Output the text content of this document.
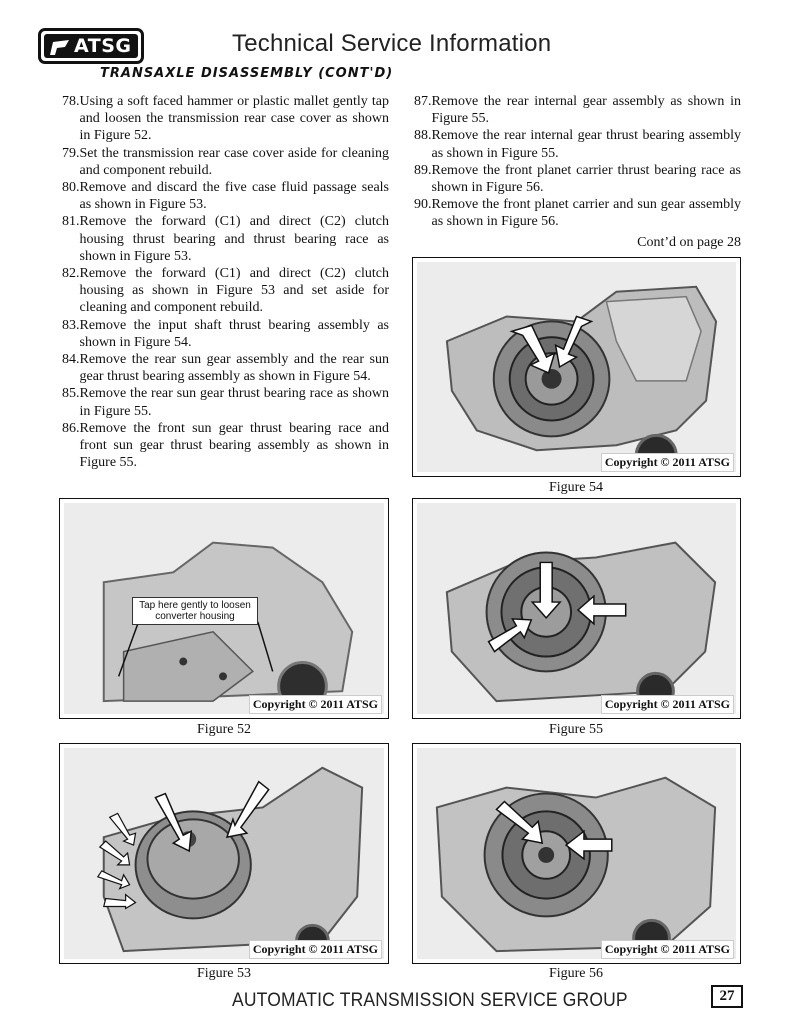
ATSG	Technical Service Information
TRANSAXLE DISASSEMBLY (CONT'D)
78. Using a soft faced hammer or plastic mallet gently tap and loosen the transmission rear case cover as shown in Figure 52.
79. Set the transmission rear case cover aside for cleaning and component rebuild.
80. Remove and discard the five case fluid passage seals as shown in Figure 53.
81. Remove the forward (C1) and direct (C2) clutch housing thrust bearing and thrust bearing race as shown in Figure 53.
82. Remove the forward (C1) and direct (C2) clutch housing as shown in Figure 53 and set aside for cleaning and component rebuild.
83. Remove the input shaft thrust bearing assembly as shown in Figure 54.
84. Remove the rear sun gear assembly and the rear sun gear thrust bearing assembly as shown in Figure 54.
85. Remove the rear sun gear thrust bearing race as shown in Figure 55.
86. Remove the front sun gear thrust bearing race and front sun gear thrust bearing assembly as shown in Figure 55.
87. Remove the rear internal gear assembly as shown in Figure 55.
88. Remove the rear internal gear thrust bearing assembly as shown in Figure 55.
89. Remove the front planet carrier thrust bearing race as shown in Figure 56.
90. Remove the front planet carrier and sun gear assembly as shown in Figure 56.
Cont’d on page 28
Copyright © 2011 ATSG
Figure 54
Tap here gently to loosen converter housing
Copyright © 2011 ATSG
Figure 52
Copyright © 2011 ATSG
Figure 55
Copyright © 2011 ATSG
Figure 53
Copyright © 2011 ATSG
Figure 56
AUTOMATIC TRANSMISSION SERVICE GROUP	27
